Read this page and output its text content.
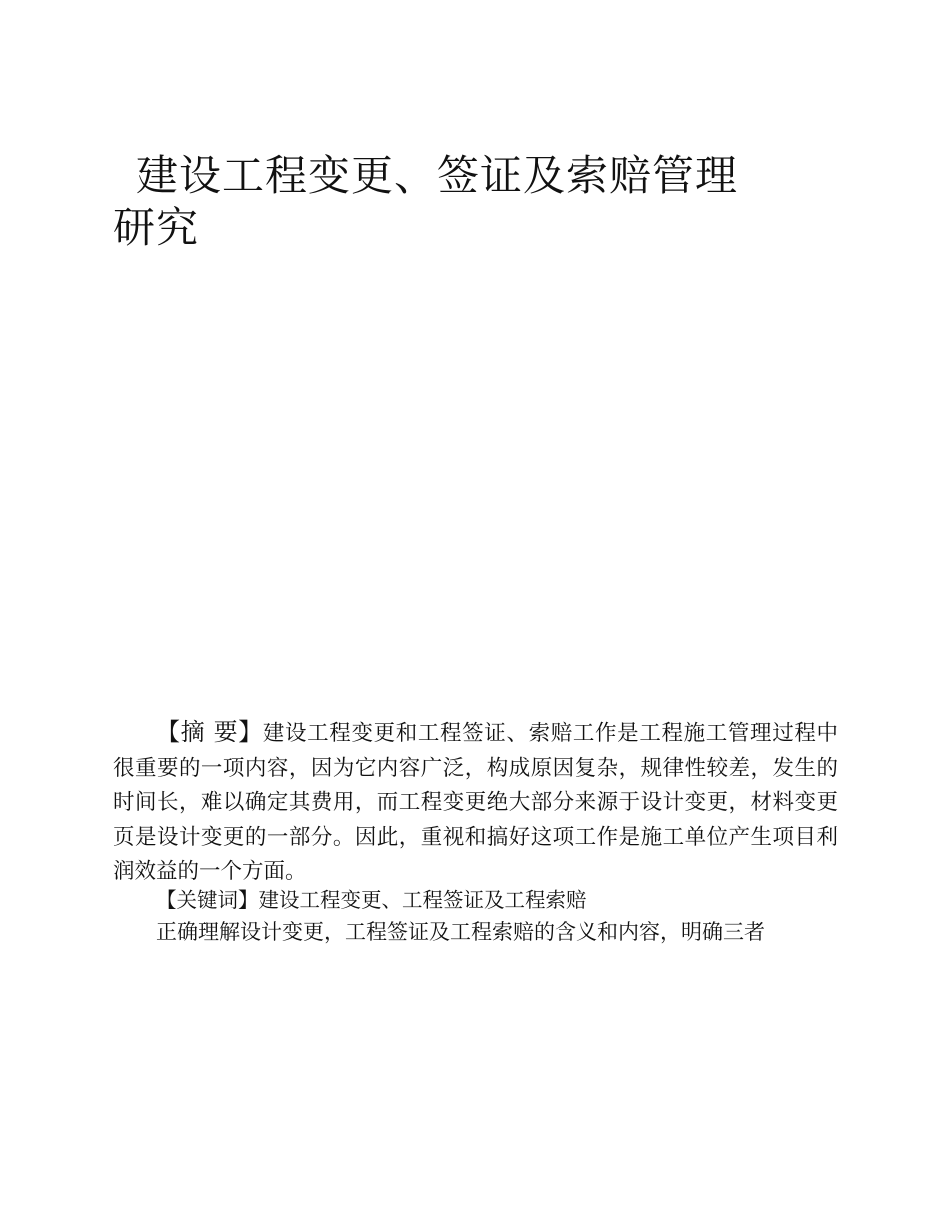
建设工程变更、签证及索赔管理
研究

【摘 要】建设工程变更和工程签证、索赔工作是工程施工管理过程中很重要的一项内容，因为它内容广泛，构成原因复杂，规律性较差，发生的时间长，难以确定其费用，而工程变更绝大部分来源于设计变更，材料变更页是设计变更的一部分。因此，重视和搞好这项工作是施工单位产生项目利润效益的一个方面。

【关键词】建设工程变更、工程签证及工程索赔

正确理解设计变更，工程签证及工程索赔的含义和内容，明确三者
